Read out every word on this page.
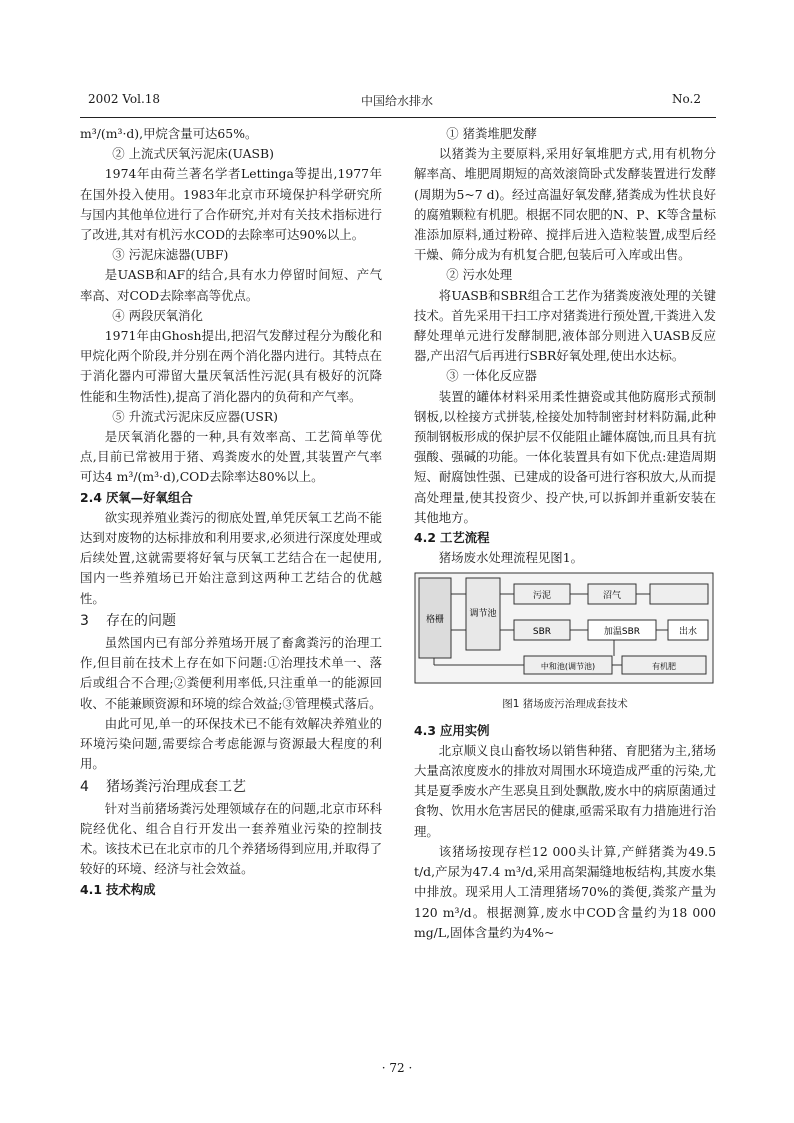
2002 Vol.18	中国给水排水	No.2

m³/(m³·d),甲烷含量可达65%。

② 上流式厌氧污泥床(UASB)

1974年由荷兰著名学者Lettinga等提出,1977年在国外投入使用。1983年北京市环境保护科学研究所与国内其他单位进行了合作研究,并对有关技术指标进行了改进,其对有机污水COD的去除率可达90%以上。

③ 污泥床滤器(UBF)

是UASB和AF的结合,具有水力停留时间短、产气率高、对COD去除率高等优点。

④ 两段厌氧消化

1971年由Ghosh提出,把沼气发酵过程分为酸化和甲烷化两个阶段,并分别在两个消化器内进行。其特点在于消化器内可滞留大量厌氧活性污泥(具有极好的沉降性能和生物活性),提高了消化器内的负荷和产气率。

⑤ 升流式污泥床反应器(USR)

是厌氧消化器的一种,具有效率高、工艺简单等优点,目前已常被用于猪、鸡粪废水的处置,其装置产气率可达4 m³/(m³·d),COD去除率达80%以上。

2.4 厌氧—好氧组合

欲实现养殖业粪污的彻底处置,单凭厌氧工艺尚不能达到对废物的达标排放和利用要求,必须进行深度处理或后续处置,这就需要将好氧与厌氧工艺结合在一起使用,国内一些养殖场已开始注意到这两种工艺结合的优越性。

3 存在的问题

虽然国内已有部分养殖场开展了畜禽粪污的治理工作,但目前在技术上存在如下问题:①治理技术单一、落后或组合不合理;②粪便利用率低,只注重单一的能源回收、不能兼顾资源和环境的综合效益;③管理模式落后。

由此可见,单一的环保技术已不能有效解决养殖业的环境污染问题,需要综合考虑能源与资源最大程度的利用。

4 猪场粪污治理成套工艺

针对当前猪场粪污处理领域存在的问题,北京市环科院经优化、组合自行开发出一套养殖业污染的控制技术。该技术已在北京市的几个养猪场得到应用,并取得了较好的环境、经济与社会效益。

4.1 技术构成

① 猪粪堆肥发酵

以猪粪为主要原料,采用好氧堆肥方式,用有机物分解率高、堆肥周期短的高效滚筒卧式发酵装置进行发酵(周期为5~7 d)。经过高温好氧发酵,猪粪成为性状良好的腐殖颗粒有机肥。根据不同农肥的N、P、K等含量标准添加原料,通过粉碎、搅拌后进入造粒装置,成型后经干燥、筛分成为有机复合肥,包装后可入库或出售。

② 污水处理

将UASB和SBR组合工艺作为猪粪废液处理的关键技术。首先采用干扫工序对猪粪进行预处置,干粪进入发酵处理单元进行发酵制肥,液体部分则进入UASB反应器,产出沼气后再进行SBR好氧处理,使出水达标。

③ 一体化反应器

装置的罐体材料采用柔性搪瓷或其他防腐形式预制钢板,以栓接方式拼装,栓接处加特制密封材料防漏,此种预制钢板形成的保护层不仅能阻止罐体腐蚀,而且具有抗强酸、强碱的功能。一体化装置具有如下优点:建造周期短、耐腐蚀性强、已建成的设备可进行容积放大,从而提高处理量,使其投资少、投产快,可以拆卸并重新安装在其他地方。

4.2 工艺流程

猪场废水处理流程见图1。

格栅
调节池
加温SBR
沼气
SBR	出水
中和池(调节池)
污泥
有机肥
图1 猪场废污治理成套技术
4.3 应用实例

北京顺义良山畜牧场以销售种猪、育肥猪为主,猪场大量高浓度废水的排放对周围水环境造成严重的污染,尤其是夏季废水产生恶臭且到处飘散,废水中的病原菌通过食物、饮用水危害居民的健康,亟需采取有力措施进行治理。

该猪场按现存栏12 000头计算,产鲜猪粪为49.5 t/d,产尿为47.4 m³/d,采用高架漏缝地板结构,其废水集中排放。现采用人工清理猪场70%的粪便,粪浆产量为120 m³/d。根据测算,废水中COD含量约为18 000 mg/L,固体含量约为4%~

· 72 ·
